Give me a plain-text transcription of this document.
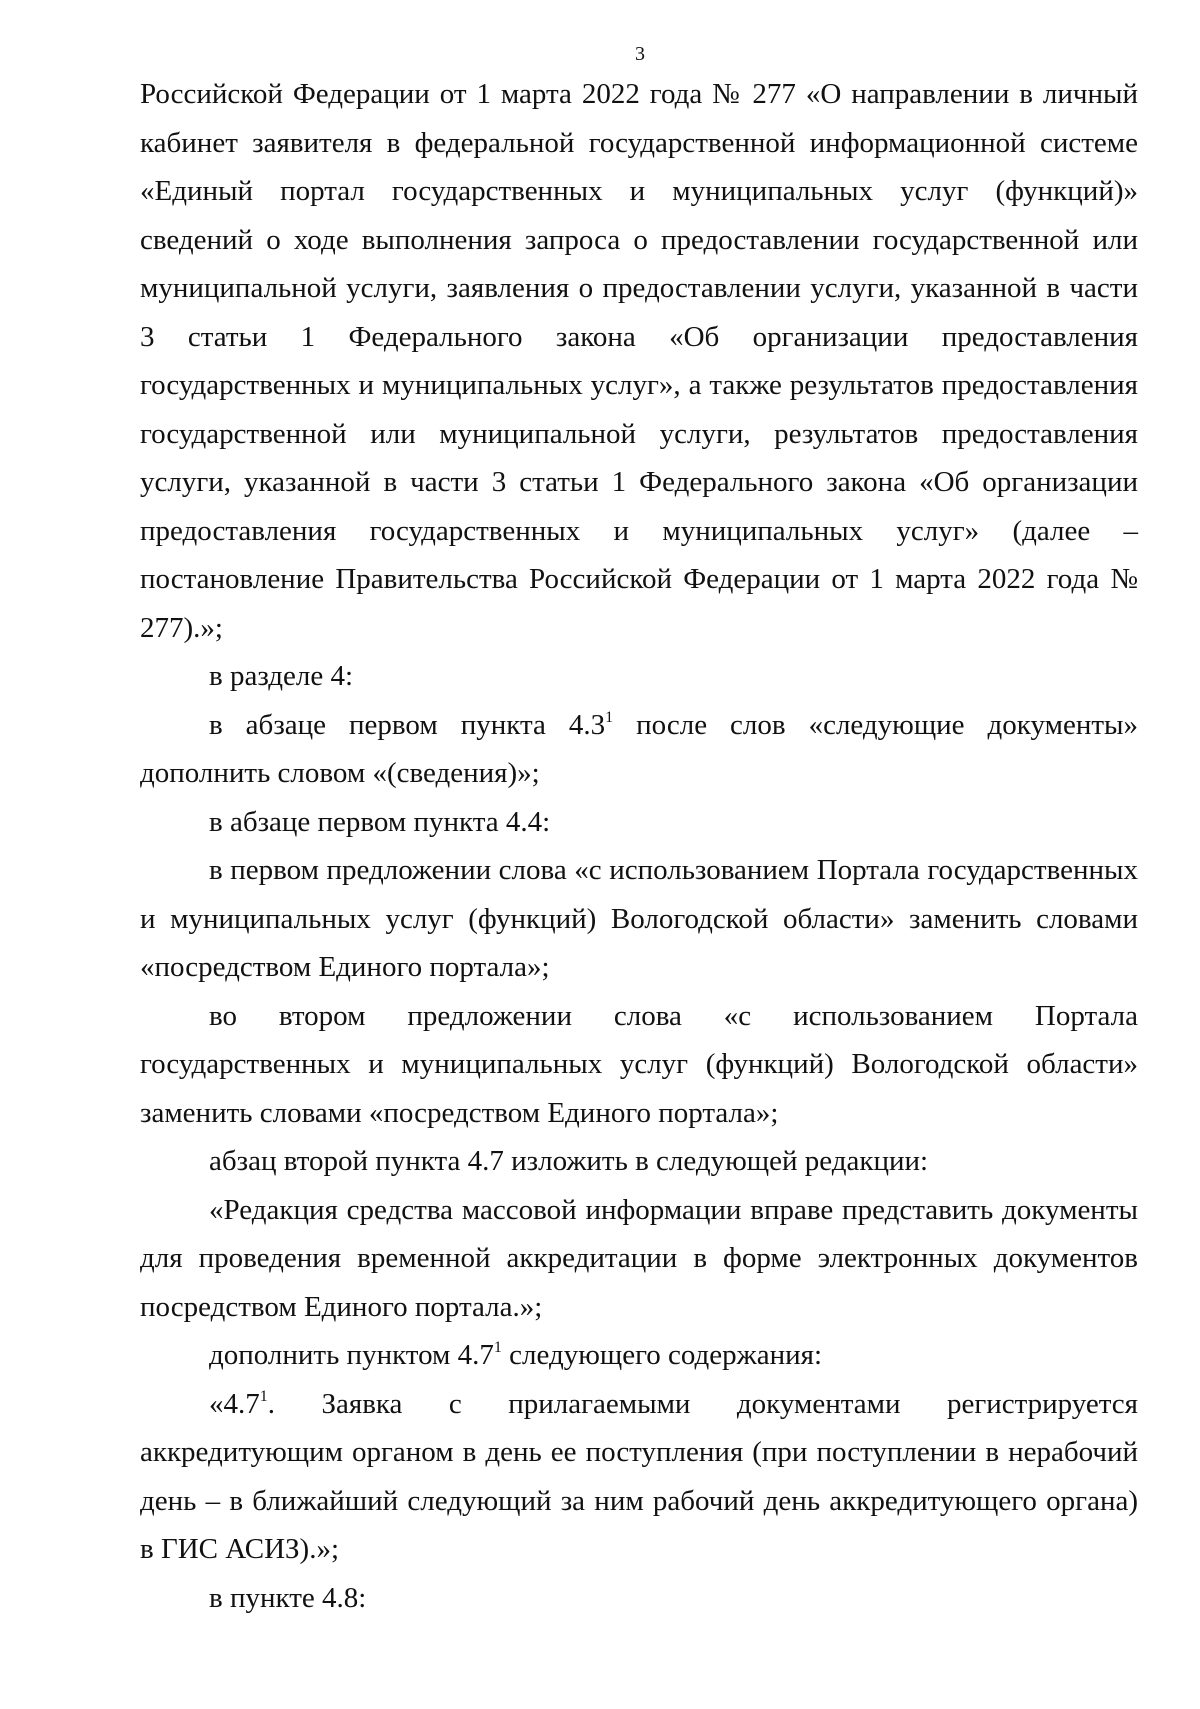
3

Российской Федерации от 1 марта 2022 года № 277 «О направлении в личный кабинет заявителя в федеральной государственной информационной системе «Единый портал государственных и муниципальных услуг (функций)» сведений о ходе выполнения запроса о предоставлении государственной или муниципальной услуги, заявления о предоставлении услуги, указанной в части 3 статьи 1 Федерального закона «Об организации предоставления государственных и муниципальных услуг», а также результатов предоставления государственной или муниципальной услуги, результатов предоставления услуги, указанной в части 3 статьи 1 Федерального закона «Об организации предоставления государственных и муниципальных услуг» (далее – постановление Правительства Российской Федерации от 1 марта 2022 года № 277).»;

в разделе 4:

в абзаце первом пункта $4.3^1$ после слов «следующие документы» дополнить словом «(сведения)»;

в абзаце первом пункта 4.4:

в первом предложении слова «с использованием Портала государственных и муниципальных услуг (функций) Вологодской области» заменить словами «посредством Единого портала»;

во втором предложении слова «с использованием Портала государственных и муниципальных услуг (функций) Вологодской области» заменить словами «посредством Единого портала»;

абзац второй пункта 4.7 изложить в следующей редакции:

«Редакция средства массовой информации вправе представить документы для проведения временной аккредитации в форме электронных документов посредством Единого портала.»;

дополнить пунктом $4.7^1$ следующего содержания:

«$4.7^1$. Заявка с прилагаемыми документами регистрируется аккредитующим органом в день ее поступления (при поступлении в нерабочий день – в ближайший следующий за ним рабочий день аккредитующего органа) в ГИС АСИЗ).»;

в пункте 4.8:
